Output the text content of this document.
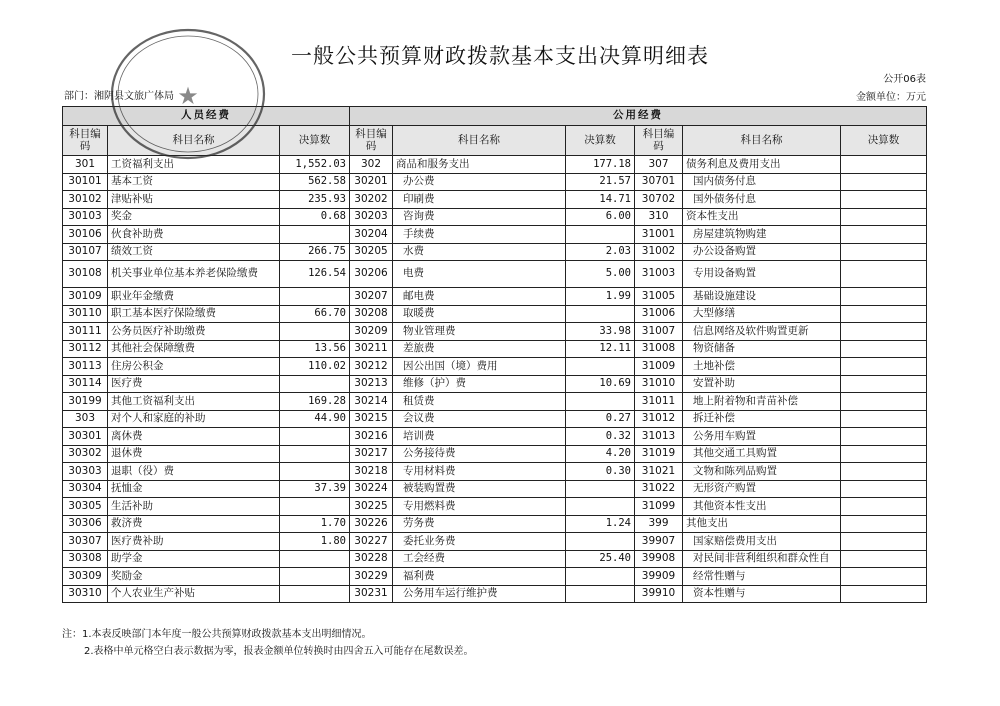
一般公共预算财政拨款基本支出决算明细表
公开06表
部门：湘阴县文旅广体局	金额单位：万元
人员经费			公用经费					
科目编码	科目名称	决算数	科目编码	科目名称	决算数	科目编码	科目名称	决算数
301	工资福利支出	1,552.03	302	商品和服务支出	177.18	307	债务利息及费用支出	
30101	基本工资	562.58	30201	办公费	21.57	30701	国内债务付息	
30102	津贴补贴	235.93	30202	印刷费	14.71	30702	国外债务付息	
30103	奖金	0.68	30203	咨询费	6.00	310	资本性支出	
30106	伙食补助费		30204	手续费		31001	房屋建筑物购建	
30107	绩效工资	266.75	30205	水费	2.03	31002	办公设备购置	
30108	机关事业单位基本养老保险缴费	126.54	30206	电费	5.00	31003	专用设备购置	
30109	职业年金缴费		30207	邮电费	1.99	31005	基础设施建设	
30110	职工基本医疗保险缴费	66.70	30208	取暖费		31006	大型修缮	
30111	公务员医疗补助缴费		30209	物业管理费	33.98	31007	信息网络及软件购置更新	
30112	其他社会保障缴费	13.56	30211	差旅费	12.11	31008	物资储备	
30113	住房公积金	110.02	30212	因公出国（境）费用		31009	土地补偿	
30114	医疗费		30213	维修（护）费	10.69	31010	安置补助	
30199	其他工资福利支出	169.28	30214	租赁费		31011	地上附着物和青苗补偿	
303	对个人和家庭的补助	44.90	30215	会议费	0.27	31012	拆迁补偿	
30301	离休费		30216	培训费	0.32	31013	公务用车购置	
30302	退休费		30217	公务接待费	4.20	31019	其他交通工具购置	
30303	退职（役）费		30218	专用材料费	0.30	31021	文物和陈列品购置	
30304	抚恤金	37.39	30224	被装购置费		31022	无形资产购置	
30305	生活补助		30225	专用燃料费		31099	其他资本性支出	
30306	救济费	1.70	30226	劳务费	1.24	399	其他支出	
30307	医疗费补助	1.80	30227	委托业务费		39907	国家赔偿费用支出	
30308	助学金		30228	工会经费	25.40	39908	对民间非营利组织和群众性自	
30309	奖励金		30229	福利费		39909	经常性赠与	
30310	个人农业生产补贴		30231	公务用车运行维护费		39910	资本性赠与	
★
注：1.本表反映部门本年度一般公共预算财政拨款基本支出明细情况。
2.表格中单元格空白表示数据为零，报表金额单位转换时由四舍五入可能存在尾数误差。
